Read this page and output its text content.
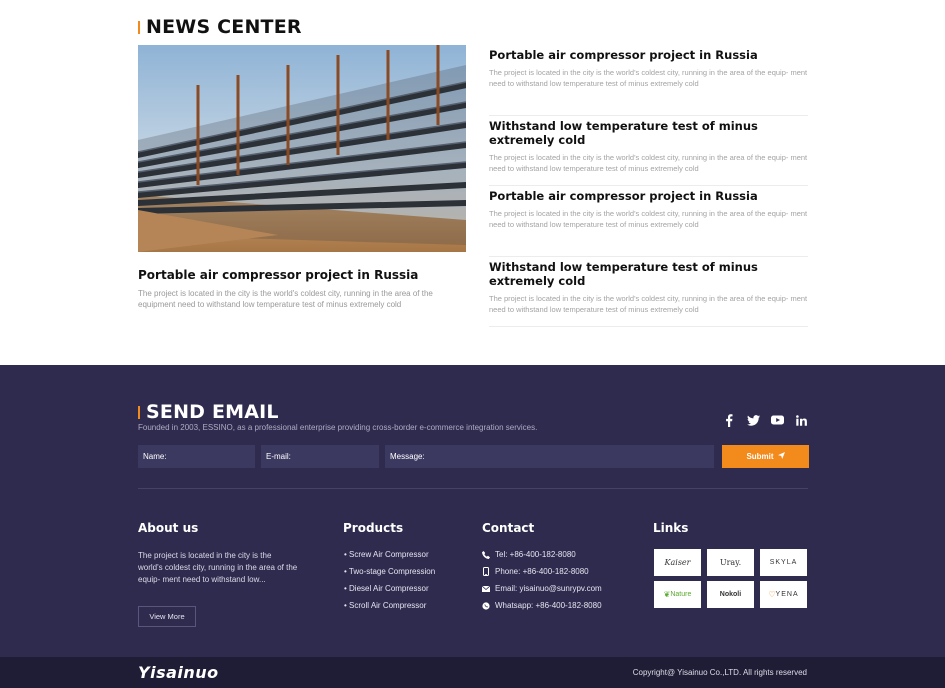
NEWS CENTER
Portable air compressor project in Russia
The project is located in the city is the world's coldest city, running in the area of the equipment need to withstand low temperature test of minus extremely cold
Portable air compressor project in Russia
The project is located in the city is the world's coldest city, running in the area of the equip- ment need to withstand low temperature test of minus extremely cold
Withstand low temperature test of minus extremely cold
The project is located in the city is the world's coldest city, running in the area of the equip- ment need to withstand low temperature test of minus extremely cold
Portable air compressor project in Russia
The project is located in the city is the world's coldest city, running in the area of the equip- ment need to withstand low temperature test of minus extremely cold
Withstand low temperature test of minus extremely cold
The project is located in the city is the world's coldest city, running in the area of the equip- ment need to withstand low temperature test of minus extremely cold
SEND EMAIL
Founded in 2003, ESSINO, as a professional enterprise providing cross-border e-commerce integration services.
Name:	E-mail:	Message:	Submit
About us
The project is located in the city is the world's coldest city, running in the area of the equip- ment need to withstand low...
View More
Products
• Screw Air Compressor
• Two-stage Compression
• Diesel Air Compressor
• Scroll Air Compressor
Contact
Tel: +86-400-182-8080
Phone: +86-400-182-8080
Email: yisainuo@sunrypv.com
Whatsapp: +86-400-182-8080
Links
Kaiser	Uray.	SKYLA
❦ Nature	Nokoli	♡ YENA
Yisainuo	Copyright@ Yisainuo Co.,LTD. All rights reserved
